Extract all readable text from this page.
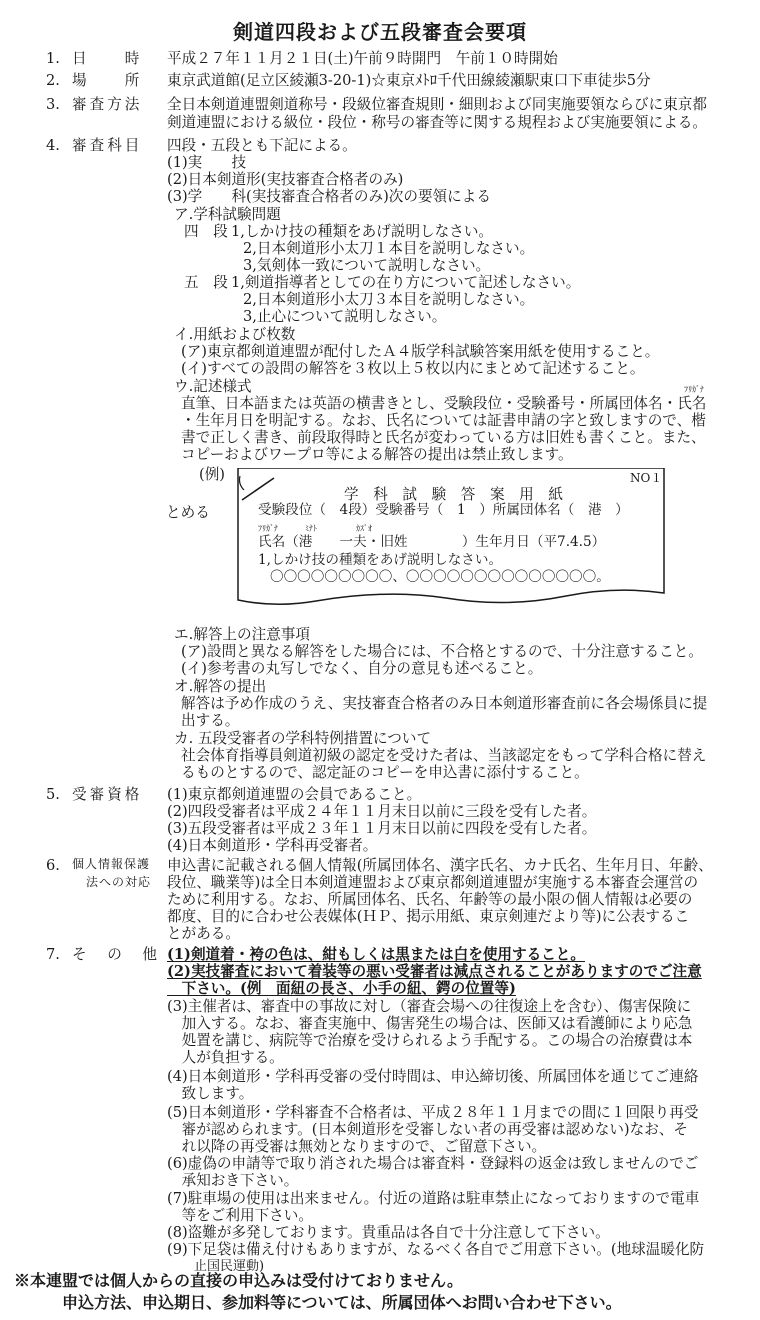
剣道四段および五段審査会要項
1. 日　　時	平成２７年１１月２１日(土)午前９時開門　午前１０時開始
2. 場　　所	東京武道館(足立区綾瀬3-20-1)☆東京ﾒﾄﾛ千代田線綾瀬駅東口下車徒歩5分
3. 審査方法	全日本剣道連盟剣道称号・段級位審査規則・細則および同実施要領ならびに東京都
剣道連盟における級位・段位・称号の審査等に関する規程および実施要領による。
4. 審査科目	四段・五段とも下記による。
(1)実　　技
(2)日本剣道形(実技審査合格者のみ)
(3)学　　科(実技審査合格者のみ)次の要領による
ア.学科試験問題
四　段 1,しかけ技の種類をあげ説明しなさい。
2,日本剣道形小太刀１本目を説明しなさい。
3,気剣体一致について説明しなさい。
五　段 1,剣道指導者としての在り方について記述しなさい。
2,日本剣道形小太刀３本目を説明しなさい。
3,止心について説明しなさい。
イ.用紙および枚数
(ア)東京都剣道連盟が配付したＡ４版学科試験答案用紙を使用すること。
(イ)すべての設問の解答を３枚以上５枚以内にまとめて記述すること。
ウ.記述様式	ﾌﾘｶﾞﾅ
直筆、日本語または英語の横書きとし、受験段位・受験番号・所属団体名・氏名
・生年月日を明記する。なお、氏名については証書申請の字と致しますので、楷
書で正しく書き、前段取得時と氏名が変わっている方は旧姓も書くこと。また、
コピーおよびワープロ等による解答の提出は禁止致します。
(例)
とめる
NO１
学　科　試　験　答　案　用　紙
受験段位（　4段）受験番号（　1　）所属団体名（　港　）
ﾌﾘｶﾞﾅ	ﾐﾅﾄ	ｶｽﾞｵ
氏名（港　　一夫・旧姓　　　　）生年月日（平7.4.5）
1,しかけ技の種類をあげ説明しなさい。
〇〇〇〇〇〇〇〇〇、〇〇〇〇〇〇〇〇〇〇〇〇〇〇。
エ.解答上の注意事項
(ア)設問と異なる解答をした場合には、不合格とするので、十分注意すること。
(イ)参考書の丸写しでなく、自分の意見も述べること。
オ.解答の提出
解答は予め作成のうえ、実技審査合格者のみ日本剣道形審査前に各会場係員に提
出する。
カ. 五段受審者の学科特例措置について
社会体育指導員剣道初級の認定を受けた者は、当該認定をもって学科合格に替え
るものとするので、認定証のコピーを申込書に添付すること。
5. 受審資格	(1)東京都剣道連盟の会員であること。
(2)四段受審者は平成２４年１１月末日以前に三段を受有した者。
(3)五段受審者は平成２３年１１月末日以前に四段を受有した者。
(4)日本剣道形・学科再受審者。
6.	個人情報保護
法への対応
申込書に記載される個人情報(所属団体名、漢字氏名、カナ氏名、生年月日、年齢、
段位、職業等)は全日本剣道連盟および東京都剣道連盟が実施する本審査会運営の
ために利用する。なお、所属団体名、氏名、年齢等の最小限の個人情報は必要の
都度、目的に合わせ公表媒体(ＨＰ、掲示用紙、東京剣連だより等)に公表するこ
とがある。
7. そ　の　他 (1)剣道着・袴の色は、紺もしくは黒または白を使用すること。
(2)実技審査において着装等の悪い受審者は減点されることがありますのでご注意
　下さい。(例　面紐の長さ、小手の紐、鍔の位置等)
(3)主催者は、審査中の事故に対し（審査会場への往復途上を含む）、傷害保険に
　加入する。なお、審査実施中、傷害発生の場合は、医師又は看護師により応急
　処置を講じ、病院等で治療を受けられるよう手配する。この場合の治療費は本
　人が負担する。
(4)日本剣道形・学科再受審の受付時間は、申込締切後、所属団体を通じてご連絡
　致します。
(5)日本剣道形・学科審査不合格者は、平成２８年１１月までの間に１回限り再受
　審が認められます。(日本剣道形を受審しない者の再受審は認めない)なお、そ
　れ以降の再受審は無効となりますので、ご留意下さい。
(6)虚偽の申請等で取り消された場合は審査料・登録料の返金は致しませんのでご
　承知おき下さい。
(7)駐車場の使用は出来ません。付近の道路は駐車禁止になっておりますので電車
　等をご利用下さい。
(8)盗難が多発しております。貴重品は各自で十分注意して下さい。
(9)下足袋は備え付けもありますが、なるべく各自でご用意下さい。(地球温暖化防
※本連盟では個人からの直接の申込みは受付けておりません。
申込方法、申込期日、参加料等については、所属団体へお問い合わせ下さい。
　止国民運動)
